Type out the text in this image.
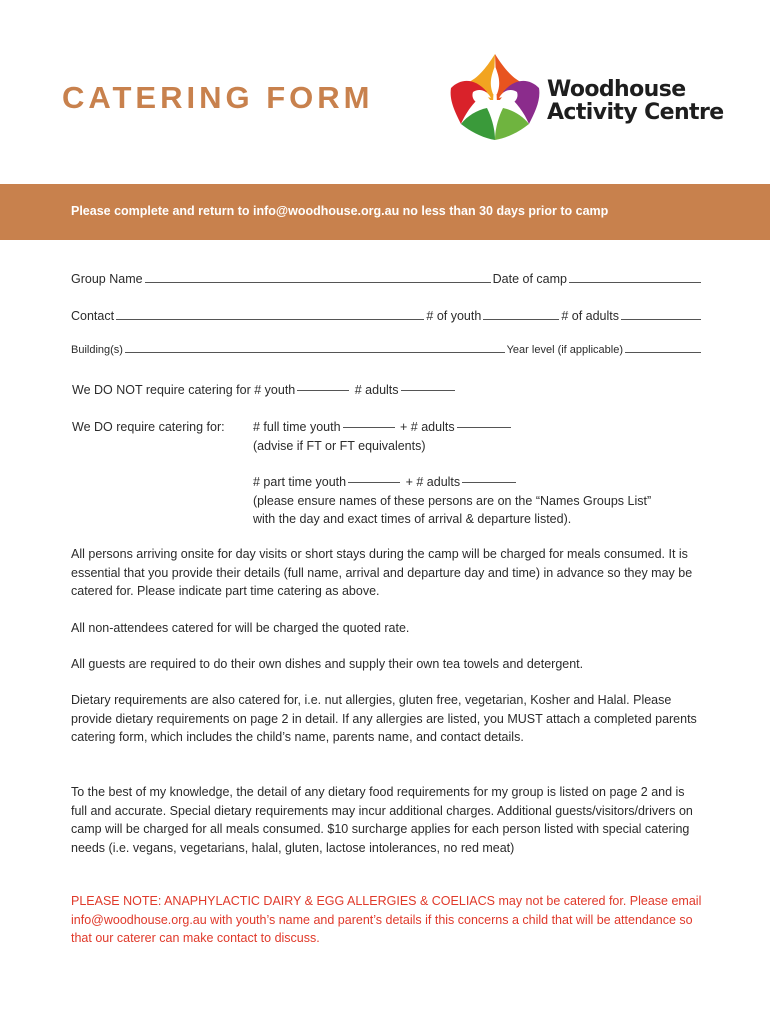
CATERING FORM	Woodhouse
Activity Centre
Please complete and return to info@woodhouse.org.au no less than 30 days prior to camp
Group Name	Date of camp
Contact	# of youth	# of adults
Building(s)	Year level (if applicable)
We DO NOT require catering for # youth	# adults
We DO require catering for:	# full time youth	+ # adults
(advise if FT or FT equivalents)
# part time youth	+ # adults
(please ensure names of these persons are on the “Names Groups List”
with the day and exact times of arrival & departure listed).
All persons arriving onsite for day visits or short stays during the camp will be charged for meals consumed. It is essential that you provide their details (full name, arrival and departure day and time) in advance so they may be catered for. Please indicate part time catering as above.
All non-attendees catered for will be charged the quoted rate.
All guests are required to do their own dishes and supply their own tea towels and detergent.
Dietary requirements are also catered for, i.e. nut allergies, gluten free, vegetarian, Kosher and Halal. Please provide dietary requirements on page 2 in detail. If any allergies are listed, you MUST attach a completed parents catering form, which includes the child’s name, parents name, and contact details.
To the best of my knowledge, the detail of any dietary food requirements for my group is listed on page 2 and is full and accurate. Special dietary requirements may incur additional charges. Additional guests/visitors/drivers on camp will be charged for all meals consumed. $10 surcharge applies for each person listed with special catering needs (i.e. vegans, vegetarians, halal, gluten, lactose intolerances, no red meat)
PLEASE NOTE: ANAPHYLACTIC DAIRY & EGG ALLERGIES & COELIACS may not be catered for. Please email info@woodhouse.org.au with youth’s name and parent’s details if this concerns a child that will be attendance so that our caterer can make contact to discuss.
